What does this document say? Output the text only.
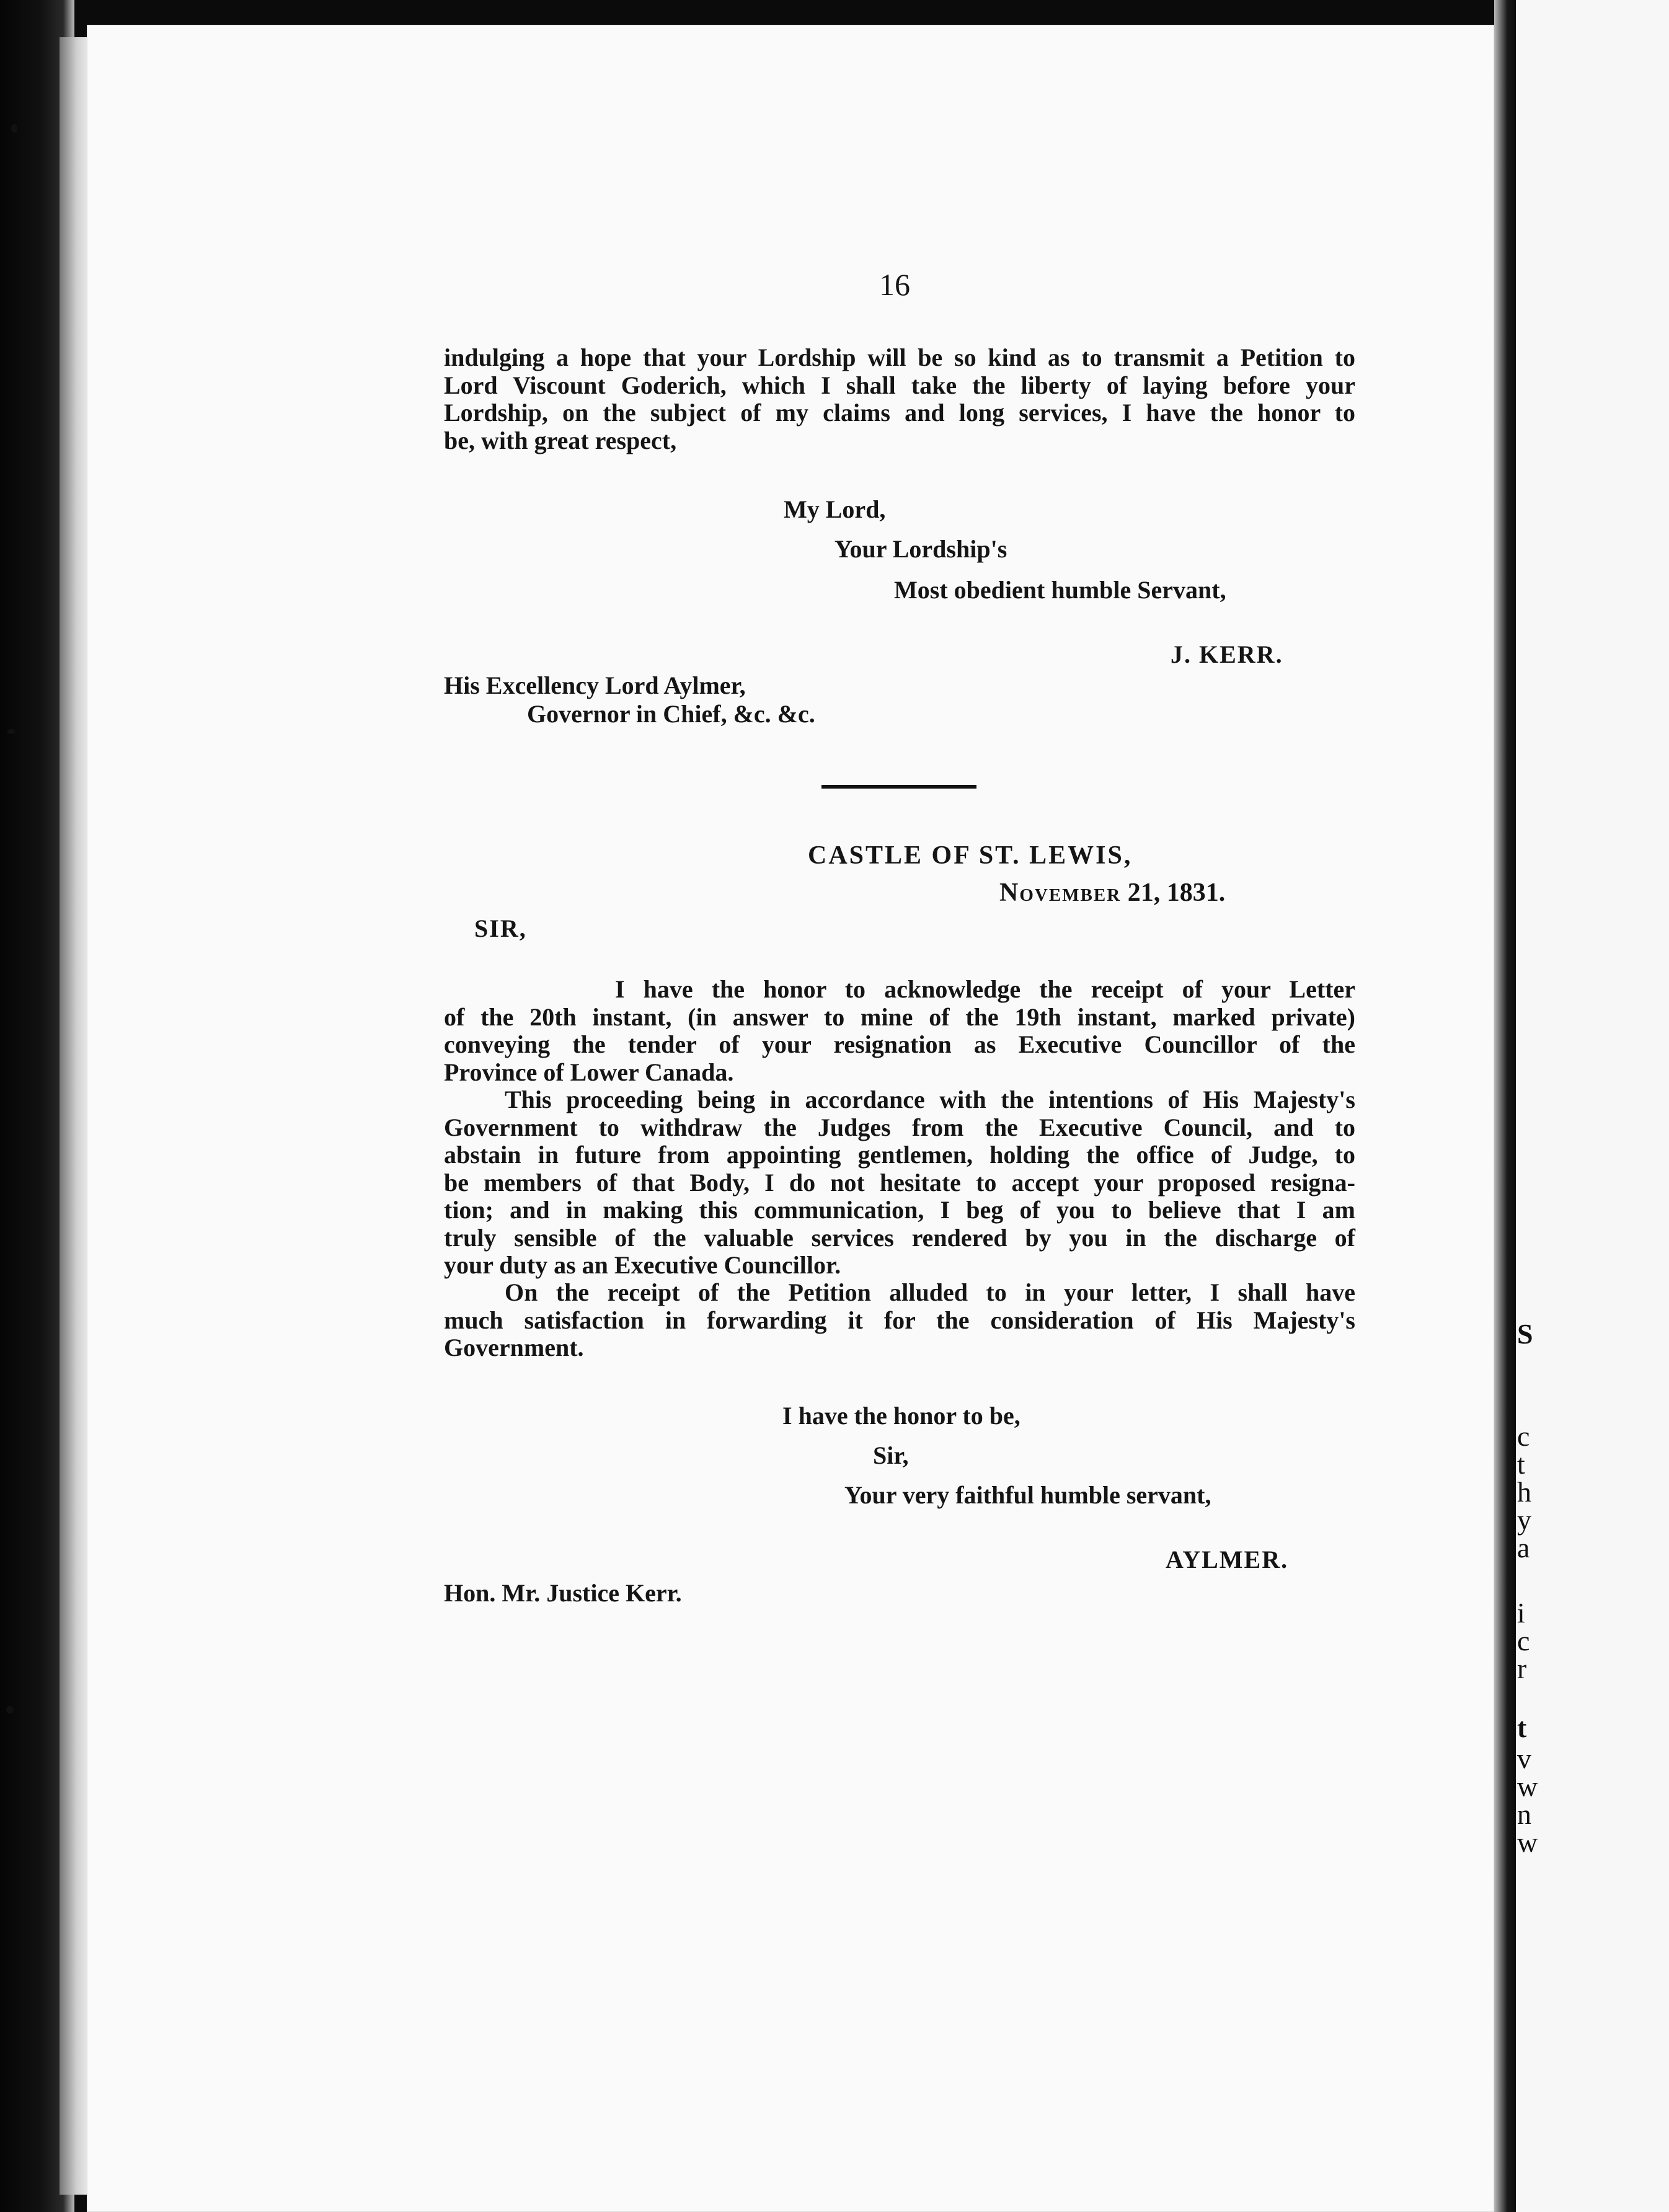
S
c
t
h
y
a
i
c
r
t
v
w
n
w
16
indulging a hope that your Lordship will be so kind as to transmit a Petition to
Lord Viscount Goderich, which I shall take the liberty of laying before your
Lordship, on the subject of my claims and long services, I have the honor to
be, with great respect,
My Lord,
Your Lordship's
Most obedient humble Servant,
J. KERR.
His Excellency Lord Aylmer,
Governor in Chief, &c. &c.
CASTLE OF ST. LEWIS,
November 21, 1831.
SIR,
I have the honor to acknowledge the receipt of your Letter
of the 20th instant, (in answer to mine of the 19th instant, marked private)
conveying the tender of your resignation as Executive Councillor of the
Province of Lower Canada.
This proceeding being in accordance with the intentions of His Majesty's
Government to withdraw the Judges from the Executive Council, and to
abstain in future from appointing gentlemen, holding the office of Judge, to
be members of that Body, I do not hesitate to accept your proposed resigna-
tion; and in making this communication, I beg of you to believe that I am
truly sensible of the valuable services rendered by you in the discharge of
your duty as an Executive Councillor.
On the receipt of the Petition alluded to in your letter, I shall have
much satisfaction in forwarding it for the consideration of His Majesty's
Government.
I have the honor to be,
Sir,
Your very faithful humble servant,
AYLMER.
Hon. Mr. Justice Kerr.
